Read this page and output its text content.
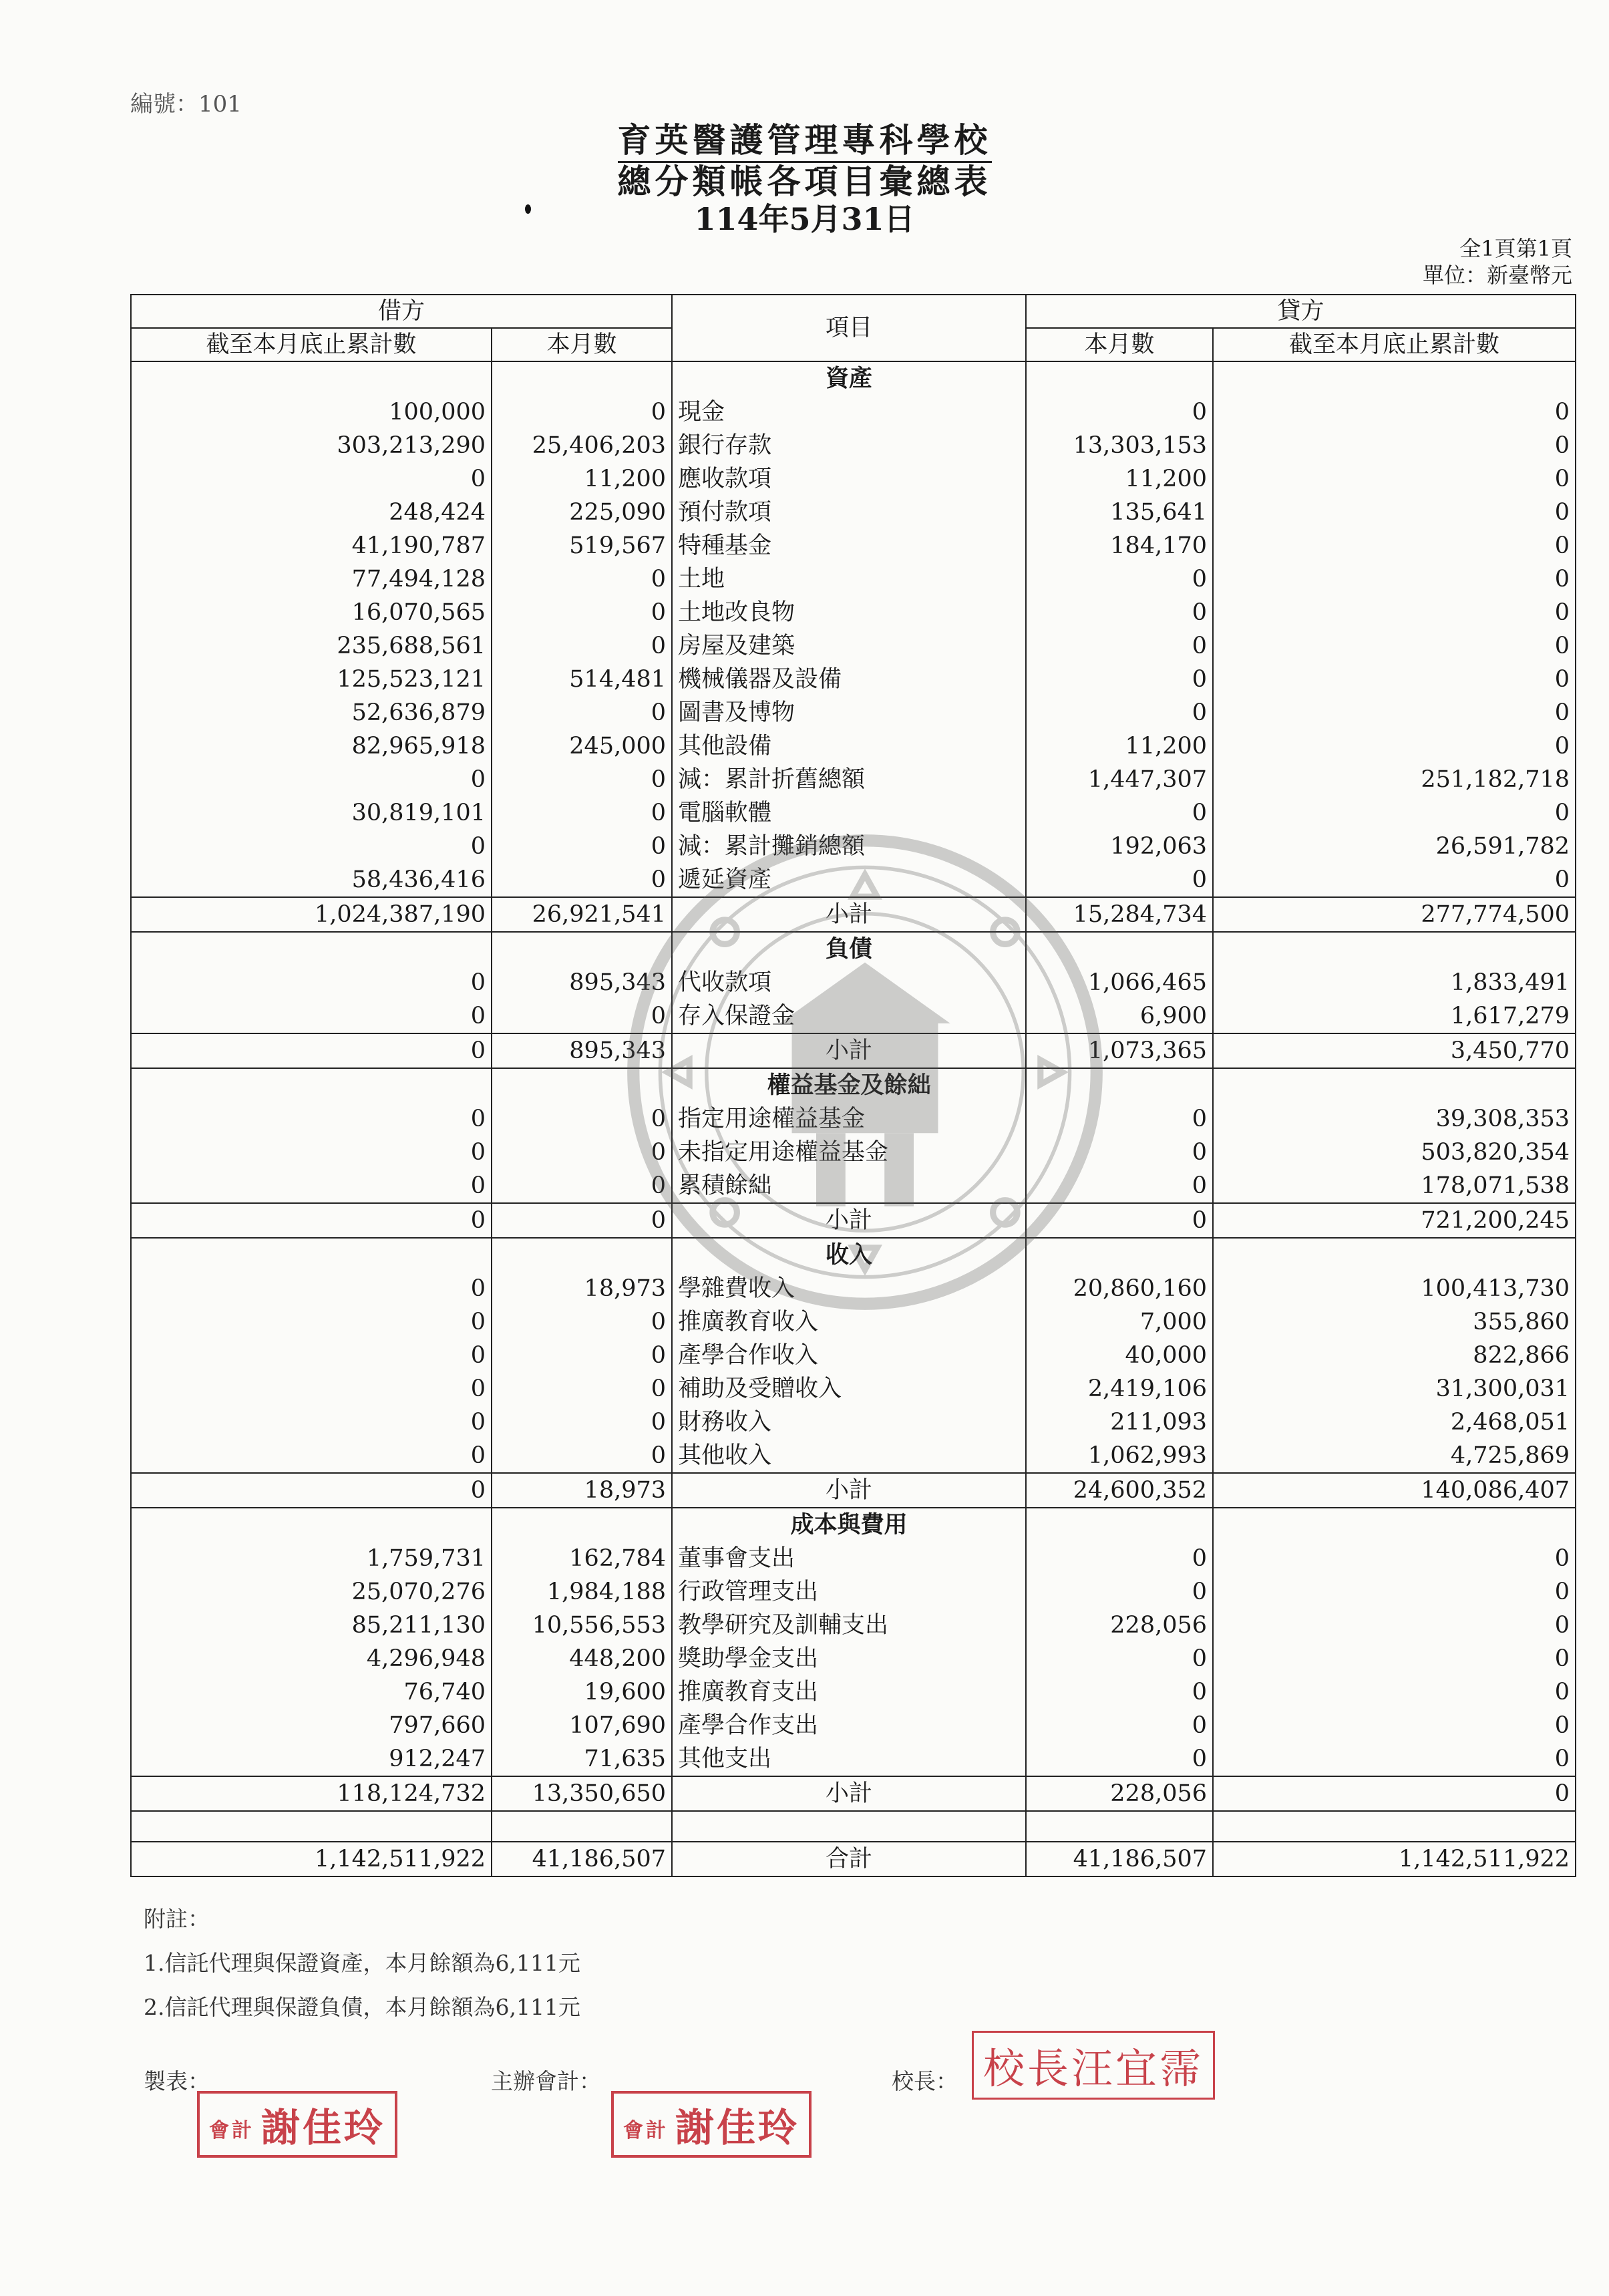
編號：101
育英醫護管理專科學校
總分類帳各項目彙總表
114年5月31日
全1頁第1頁
單位：新臺幣元
借方		項目	貸方	
截至本月底止累計數	本月數		本月數	截至本月底止累計數
		資產		
100,000	0	現金	0	0
303,213,290	25,406,203	銀行存款	13,303,153	0
0	11,200	應收款項	11,200	0
248,424	225,090	預付款項	135,641	0
41,190,787	519,567	特種基金	184,170	0
77,494,128	0	土地	0	0
16,070,565	0	土地改良物	0	0
235,688,561	0	房屋及建築	0	0
125,523,121	514,481	機械儀器及設備	0	0
52,636,879	0	圖書及博物	0	0
82,965,918	245,000	其他設備	11,200	0
0	0	減：累計折舊總額	1,447,307	251,182,718
30,819,101	0	電腦軟體	0	0
0	0	減：累計攤銷總額	192,063	26,591,782
58,436,416	0	遞延資產	0	0
1,024,387,190	26,921,541	小計	15,284,734	277,774,500
		負債		
0	895,343	代收款項	1,066,465	1,833,491
0	0	存入保證金	6,900	1,617,279
0	895,343	小計	1,073,365	3,450,770
		權益基金及餘絀		
0	0	指定用途權益基金	0	39,308,353
0	0	未指定用途權益基金	0	503,820,354
0	0	累積餘絀	0	178,071,538
0	0	小計	0	721,200,245
		收入		
0	18,973	學雜費收入	20,860,160	100,413,730
0	0	推廣教育收入	7,000	355,860
0	0	產學合作收入	40,000	822,866
0	0	補助及受贈收入	2,419,106	31,300,031
0	0	財務收入	211,093	2,468,051
0	0	其他收入	1,062,993	4,725,869
0	18,973	小計	24,600,352	140,086,407
		成本與費用		
1,759,731	162,784	董事會支出	0	0
25,070,276	1,984,188	行政管理支出	0	0
85,211,130	10,556,553	教學研究及訓輔支出	228,056	0
4,296,948	448,200	獎助學金支出	0	0
76,740	19,600	推廣教育支出	0	0
797,660	107,690	產學合作支出	0	0
912,247	71,635	其他支出	0	0
118,124,732	13,350,650	小計	228,056	0

1,142,511,922	41,186,507	合計	41,186,507	1,142,511,922
附註：
1.信託代理與保證資產，本月餘額為6,111元
2.信託代理與保證負債，本月餘額為6,111元
製表：
會計 謝佳玲
主辦會計：
會計 謝佳玲
校長： 校長汪宜霈
